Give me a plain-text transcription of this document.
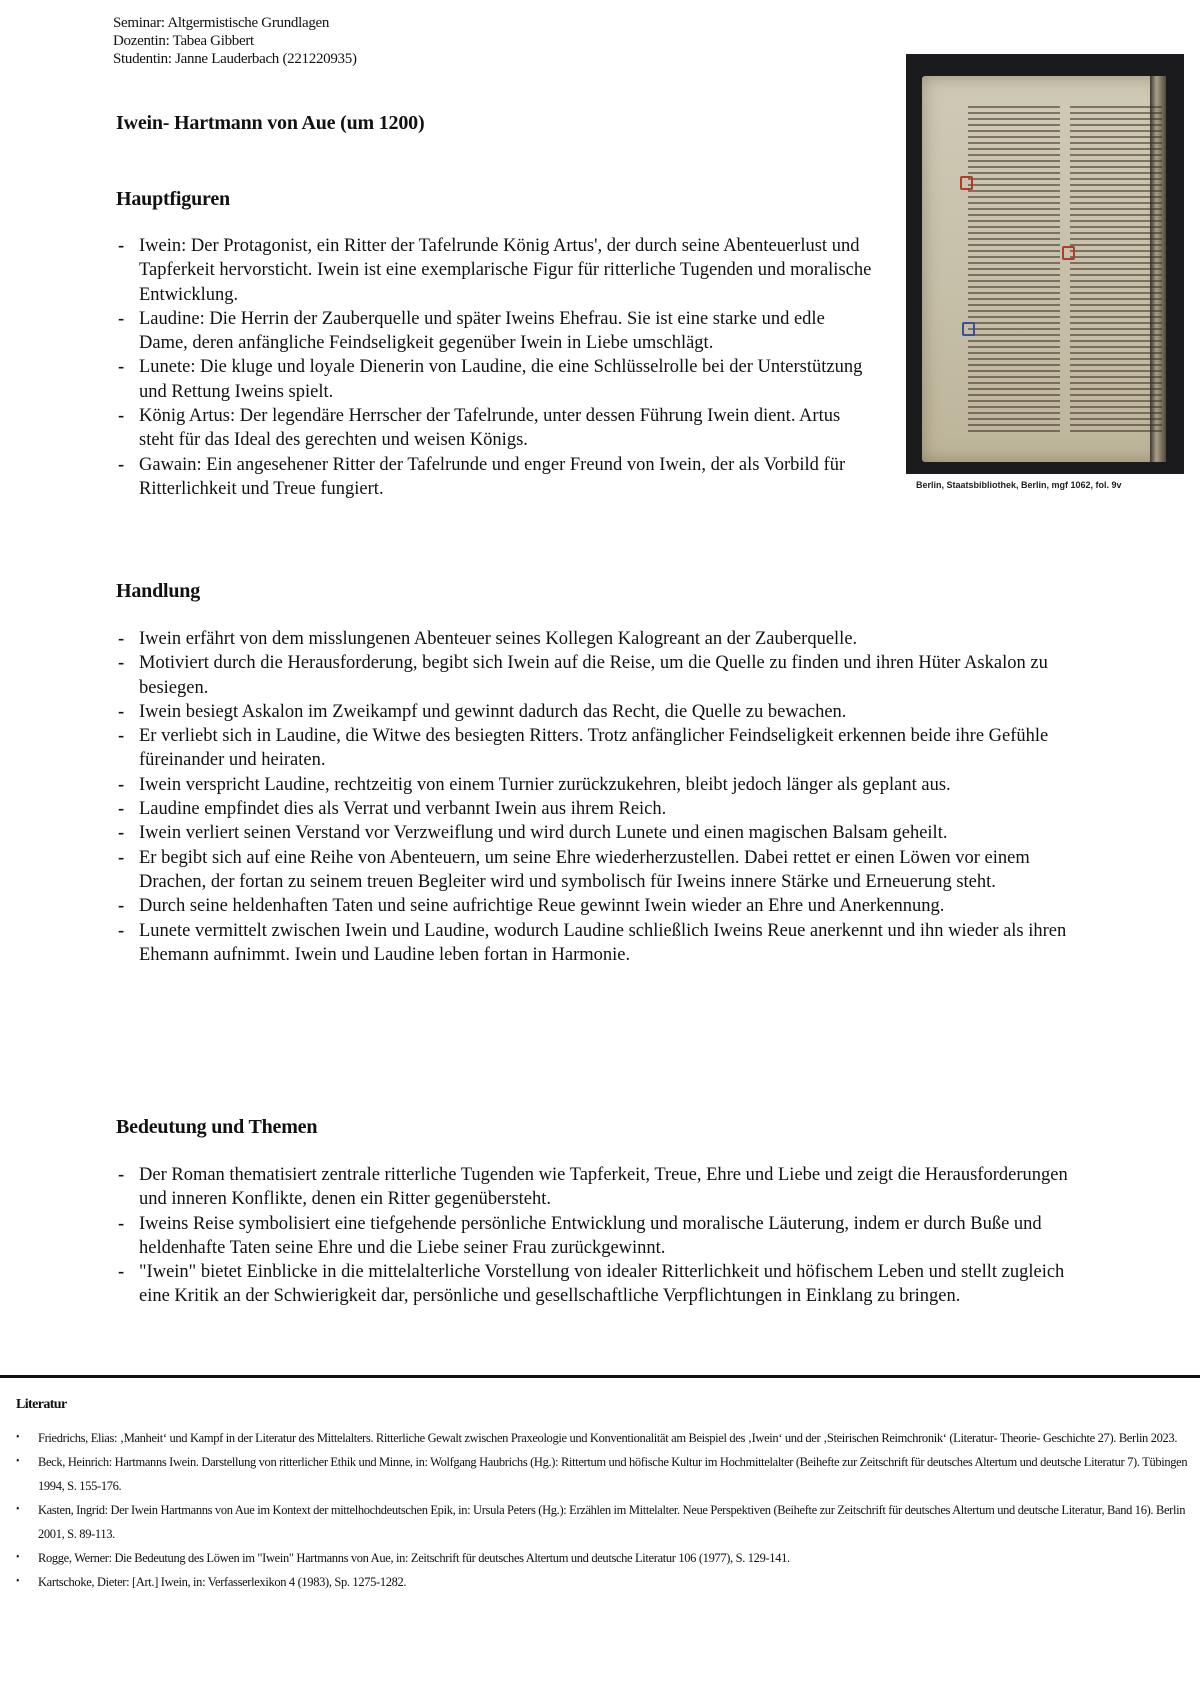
Seminar: Altgermistische Grundlagen
Dozentin: Tabea Gibbert
Studentin: Janne Lauderbach (221220935)
Iwein- Hartmann von Aue (um 1200)
Berlin, Staatsbibliothek, Berlin, mgf 1062, fol. 9v
Hauptfiguren
- Iwein: Der Protagonist, ein Ritter der Tafelrunde König Artus', der durch seine Abenteuerlust und Tapferkeit hervorsticht. Iwein ist eine exemplarische Figur für ritterliche Tugenden und moralische Entwicklung.
- Laudine: Die Herrin der Zauberquelle und später Iweins Ehefrau. Sie ist eine starke und edle Dame, deren anfängliche Feindseligkeit gegenüber Iwein in Liebe umschlägt.
- Lunete: Die kluge und loyale Dienerin von Laudine, die eine Schlüsselrolle bei der Unterstützung und Rettung Iweins spielt.
- König Artus: Der legendäre Herrscher der Tafelrunde, unter dessen Führung Iwein dient. Artus steht für das Ideal des gerechten und weisen Königs.
- Gawain: Ein angesehener Ritter der Tafelrunde und enger Freund von Iwein, der als Vorbild für Ritterlichkeit und Treue fungiert.
Handlung
- Iwein erfährt von dem misslungenen Abenteuer seines Kollegen Kalogreant an der Zauberquelle.
- Motiviert durch die Herausforderung, begibt sich Iwein auf die Reise, um die Quelle zu finden und ihren Hüter Askalon zu besiegen.
- Iwein besiegt Askalon im Zweikampf und gewinnt dadurch das Recht, die Quelle zu bewachen.
- Er verliebt sich in Laudine, die Witwe des besiegten Ritters. Trotz anfänglicher Feindseligkeit erkennen beide ihre Gefühle füreinander und heiraten.
- Iwein verspricht Laudine, rechtzeitig von einem Turnier zurückzukehren, bleibt jedoch länger als geplant aus.
- Laudine empfindet dies als Verrat und verbannt Iwein aus ihrem Reich.
- Iwein verliert seinen Verstand vor Verzweiflung und wird durch Lunete und einen magischen Balsam geheilt.
- Er begibt sich auf eine Reihe von Abenteuern, um seine Ehre wiederherzustellen. Dabei rettet er einen Löwen vor einem Drachen, der fortan zu seinem treuen Begleiter wird und symbolisch für Iweins innere Stärke und Erneuerung steht.
- Durch seine heldenhaften Taten und seine aufrichtige Reue gewinnt Iwein wieder an Ehre und Anerkennung.
- Lunete vermittelt zwischen Iwein und Laudine, wodurch Laudine schließlich Iweins Reue anerkennt und ihn wieder als ihren Ehemann aufnimmt. Iwein und Laudine leben fortan in Harmonie.
Bedeutung und Themen
- Der Roman thematisiert zentrale ritterliche Tugenden wie Tapferkeit, Treue, Ehre und Liebe und zeigt die Herausforderungen und inneren Konflikte, denen ein Ritter gegenübersteht.
- Iweins Reise symbolisiert eine tiefgehende persönliche Entwicklung und moralische Läuterung, indem er durch Buße und heldenhafte Taten seine Ehre und die Liebe seiner Frau zurückgewinnt.
- "Iwein" bietet Einblicke in die mittelalterliche Vorstellung von idealer Ritterlichkeit und höfischem Leben und stellt zugleich eine Kritik an der Schwierigkeit dar, persönliche und gesellschaftliche Verpflichtungen in Einklang zu bringen.
Literatur
• Friedrichs, Elias: ‚Manheit‘ und Kampf in der Literatur des Mittelalters. Ritterliche Gewalt zwischen Praxeologie und Konventionalität am Beispiel des ‚Iwein‘ und der ‚Steirischen Reimchronik‘ (Literatur- Theorie- Geschichte 27). Berlin 2023.
• Beck, Heinrich: Hartmanns Iwein. Darstellung von ritterlicher Ethik und Minne, in: Wolfgang Haubrichs (Hg.): Rittertum und höfische Kultur im Hochmittelalter (Beihefte zur Zeitschrift für deutsches Altertum und deutsche Literatur 7). Tübingen 1994, S. 155-176.
• Kasten, Ingrid: Der Iwein Hartmanns von Aue im Kontext der mittelhochdeutschen Epik, in: Ursula Peters (Hg.): Erzählen im Mittelalter. Neue Perspektiven (Beihefte zur Zeitschrift für deutsches Altertum und deutsche Literatur, Band 16). Berlin 2001, S. 89-113.
• Rogge, Werner: Die Bedeutung des Löwen im "Iwein" Hartmanns von Aue, in: Zeitschrift für deutsches Altertum und deutsche Literatur 106 (1977), S. 129-141.
• Kartschoke, Dieter: [Art.] Iwein, in: Verfasserlexikon 4 (1983), Sp. 1275-1282.
